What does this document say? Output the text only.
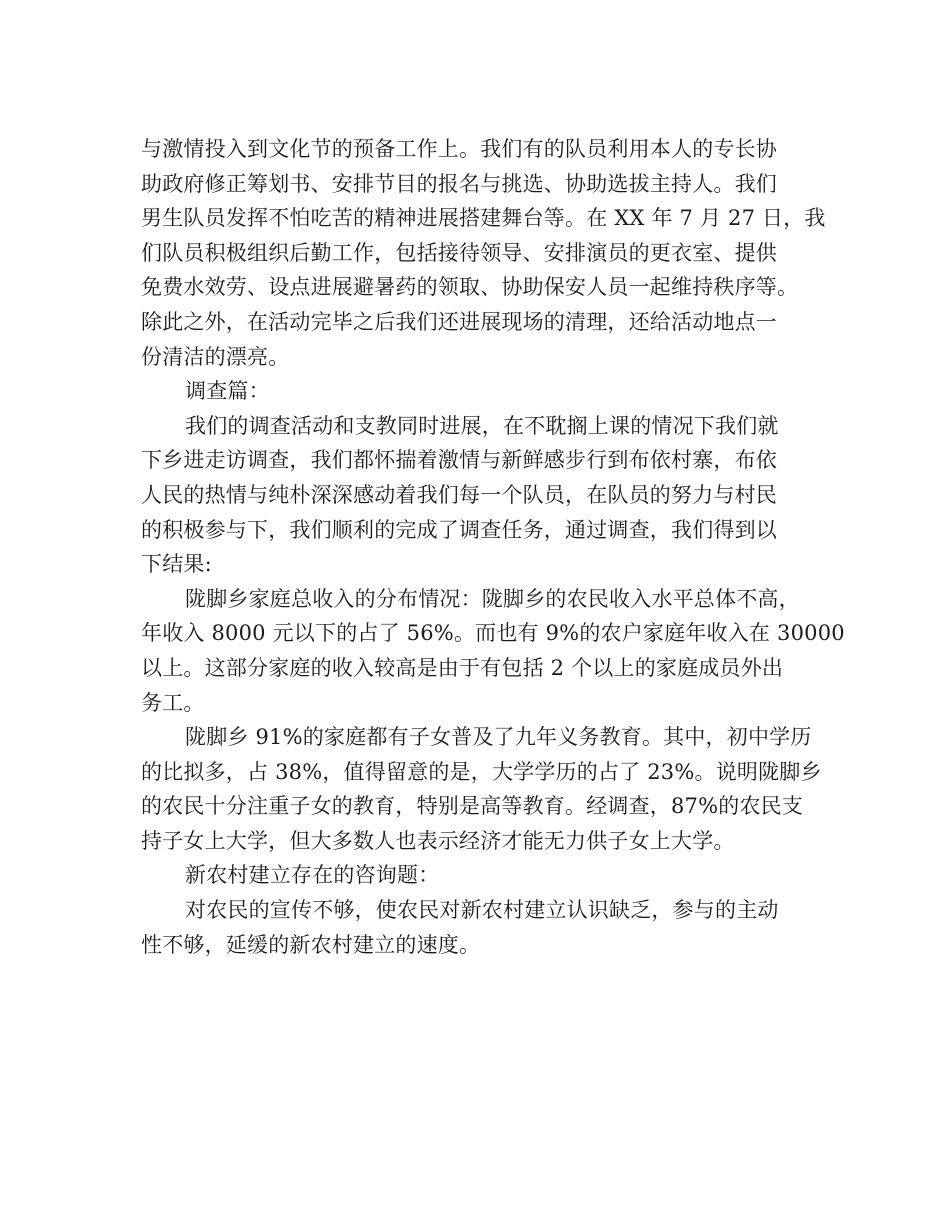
与激情投入到文化节的预备工作上。我们有的队员利用本人的专长协
助政府修正筹划书、安排节目的报名与挑选、协助选拔主持人。我们
男生队员发挥不怕吃苦的精神进展搭建舞台等。在 XX 年 7 月 27 日，我
们队员积极组织后勤工作，包括接待领导、安排演员的更衣室、提供
免费水效劳、设点进展避暑药的领取、协助保安人员一起维持秩序等。
除此之外，在活动完毕之后我们还进展现场的清理，还给活动地点一
份清洁的漂亮。
调查篇：
我们的调查活动和支教同时进展，在不耽搁上课的情况下我们就
下乡进走访调查，我们都怀揣着激情与新鲜感步行到布依村寨，布依
人民的热情与纯朴深深感动着我们每一个队员，在队员的努力与村民
的积极参与下，我们顺利的完成了调查任务，通过调查，我们得到以
下结果:
陇脚乡家庭总收入的分布情况：陇脚乡的农民收入水平总体不高，
年收入 8000 元以下的占了 56%。而也有 9%的农户家庭年收入在 30000
以上。这部分家庭的收入较高是由于有包括 2 个以上的家庭成员外出
务工。
陇脚乡 91%的家庭都有子女普及了九年义务教育。其中，初中学历
的比拟多，占 38%，值得留意的是，大学学历的占了 23%。说明陇脚乡
的农民十分注重子女的教育，特别是高等教育。经调查，87%的农民支
持子女上大学，但大多数人也表示经济才能无力供子女上大学。
新农村建立存在的咨询题：
对农民的宣传不够，使农民对新农村建立认识缺乏，参与的主动
性不够，延缓的新农村建立的速度。
